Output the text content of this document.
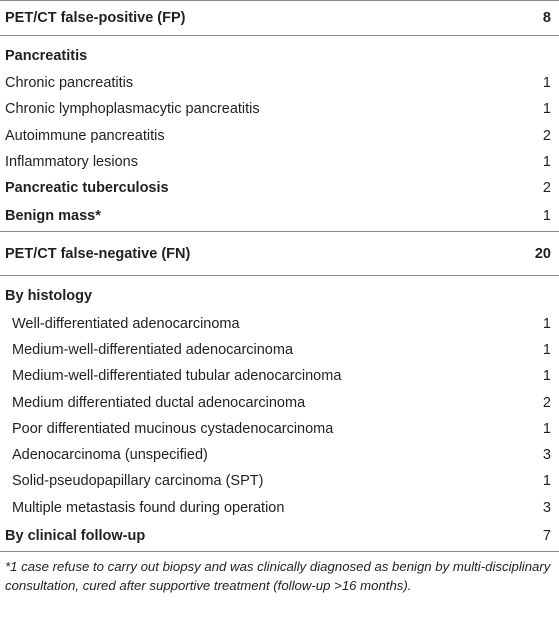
PET/CT false-positive (FP)	8
Pancreatitis
Chronic pancreatitis	1
Chronic lymphoplasmacytic pancreatitis	1
Autoimmune pancreatitis	2
Inflammatory lesions	1
Pancreatic tuberculosis	2
Benign mass*	1
PET/CT false-negative (FN)	20
By histology
Well-differentiated adenocarcinoma	1
Medium-well-differentiated adenocarcinoma	1
Medium-well-differentiated tubular adenocarcinoma	1
Medium differentiated ductal adenocarcinoma	2
Poor differentiated mucinous cystadenocarcinoma	1
Adenocarcinoma (unspecified)	3
Solid-pseudopapillary carcinoma (SPT)	1
Multiple metastasis found during operation	3
By clinical follow-up	7
*1 case refuse to carry out biopsy and was clinically diagnosed as benign by multi-disciplinary consultation, cured after supportive treatment (follow-up >16 months).
